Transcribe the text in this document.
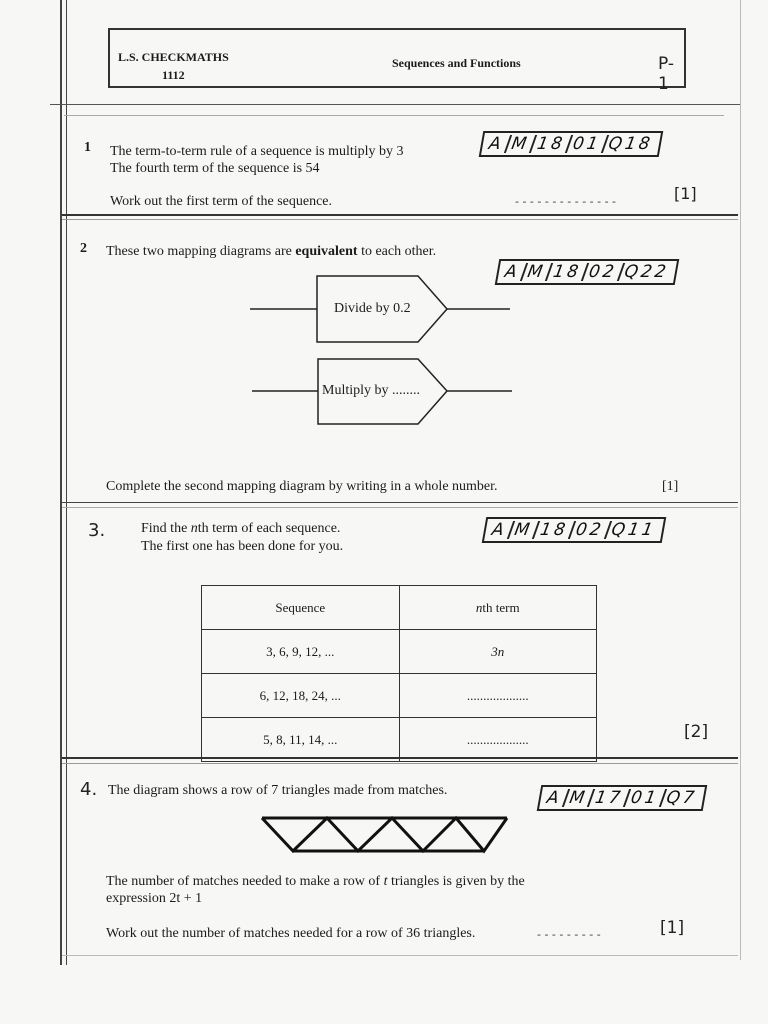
L.S. CHECKMATHS
1112
Sequences and Functions	P-1
1 The term-to-term rule of a sequence is multiply by 3
The fourth term of the sequence is 54
A M 18 01 Q18
Work out the first term of the sequence.	- - - - - - - - - - - - - -	[1]
2 These two mapping diagrams are equivalent to each other.
A M 18 02 Q22
Divide by 0.2
Multiply by ........
Complete the second mapping diagram by writing in a whole number.	[1]
3.	Find the nth term of each sequence.
The first one has been done for you.
A M 18 02 Q11
Sequence	nth term
3, 6, 9, 12, ...	3n
6, 12, 18, 24, ...	...................
5, 8, 11, 14, ...	...................	[2]
4. The diagram shows a row of 7 triangles made from matches.	A M 17 01 Q7
The number of matches needed to make a row of t triangles is given by the
expression 2t + 1
Work out the number of matches needed for a row of 36 triangles.	- - - - - - - - -	[1]
